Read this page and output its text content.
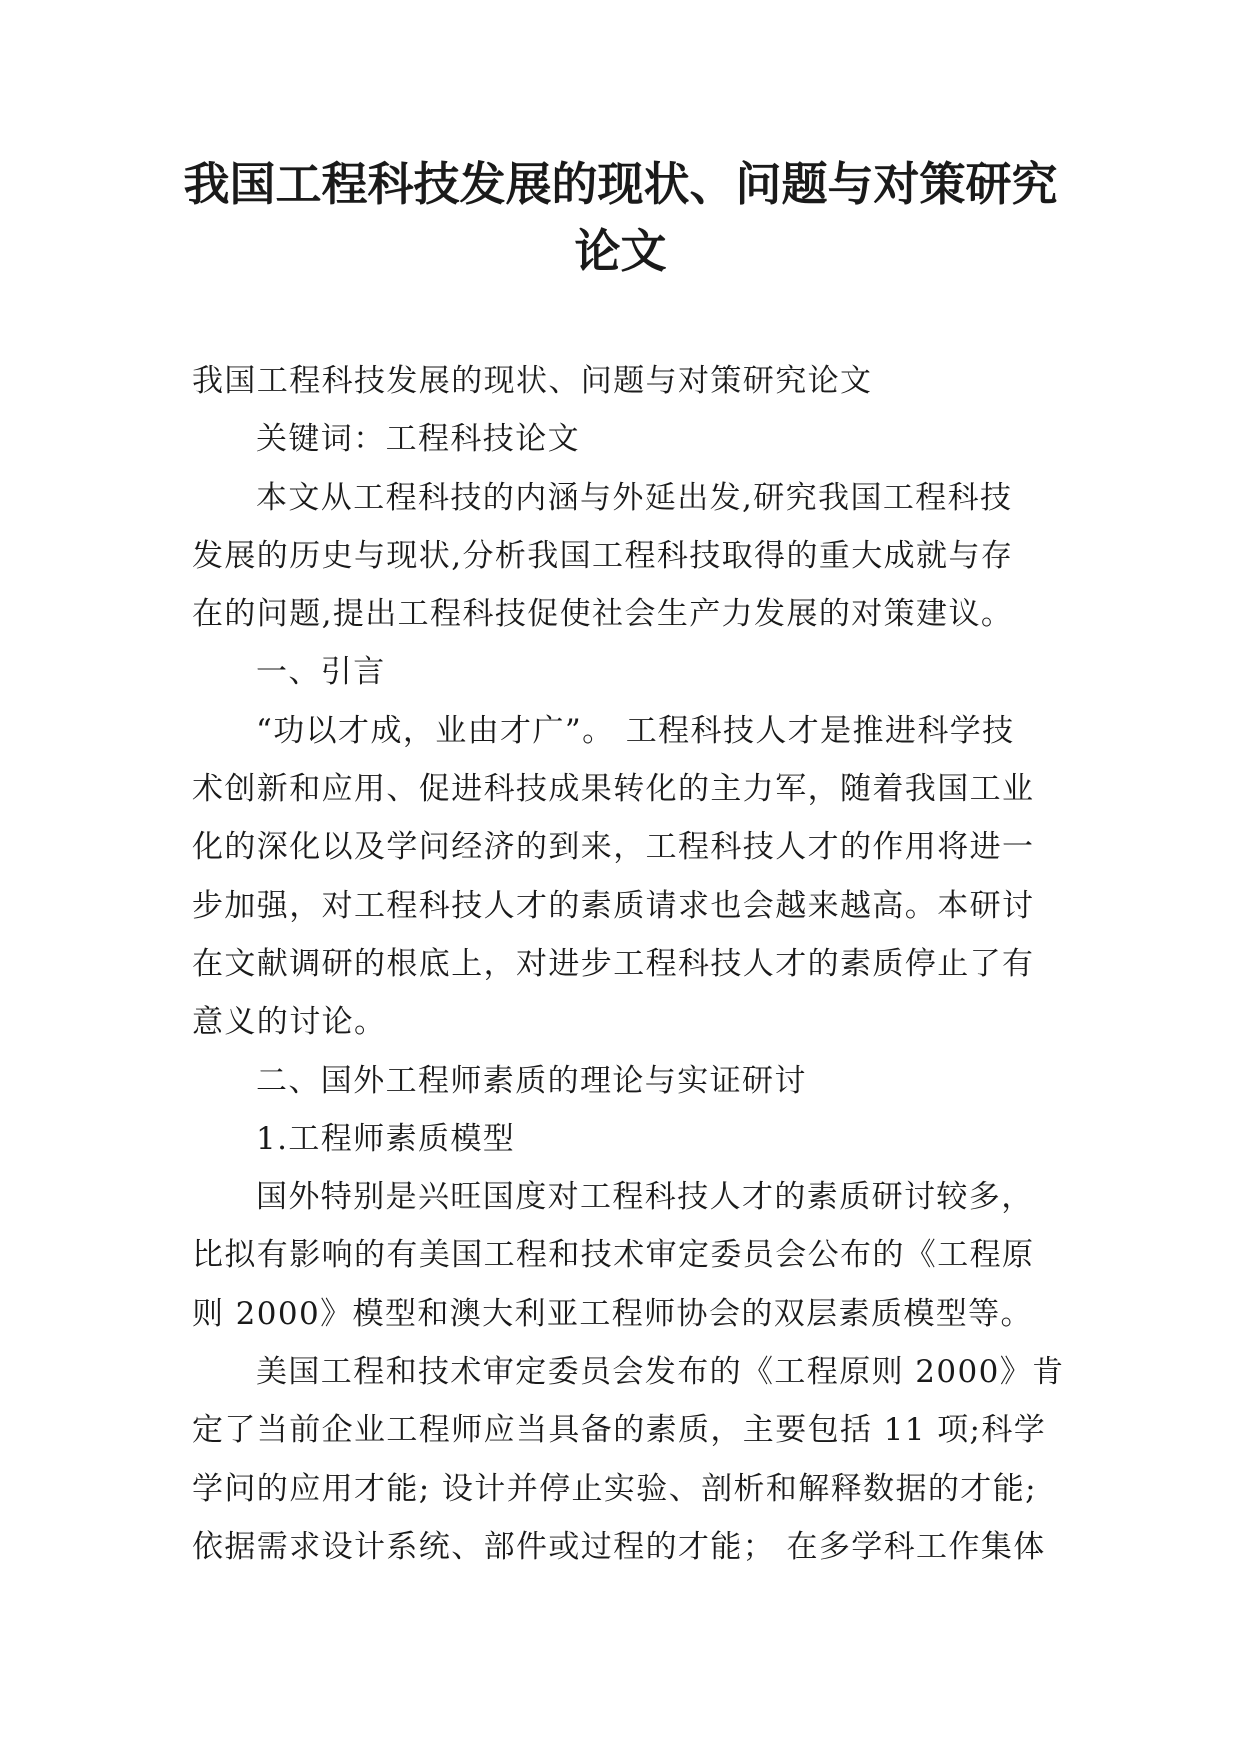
我国工程科技发展的现状、问题与对策研究
论文
我国工程科技发展的现状、问题与对策研究论文
关键词：工程科技论文
本文从工程科技的内涵与外延出发,研究我国工程科技
发展的历史与现状,分析我国工程科技取得的重大成就与存
在的问题,提出工程科技促使社会生产力发展的对策建议。
一、引言
“功以才成，业由才广”。 工程科技人才是推进科学技
术创新和应用、促进科技成果转化的主力军，随着我国工业
化的深化以及学问经济的到来，工程科技人才的作用将进一
步加强，对工程科技人才的素质请求也会越来越高。本研讨
在文献调研的根底上，对进步工程科技人才的素质停止了有
意义的讨论。
二、国外工程师素质的理论与实证研讨
1.工程师素质模型
国外特别是兴旺国度对工程科技人才的素质研讨较多，
比拟有影响的有美国工程和技术审定委员会公布的《工程原
则 2000》模型和澳大利亚工程师协会的双层素质模型等。
美国工程和技术审定委员会发布的《工程原则 2000》肯
定了当前企业工程师应当具备的素质，主要包括 11 项;科学
学问的应用才能; 设计并停止实验、剖析和解释数据的才能;
依据需求设计系统、部件或过程的才能； 在多学科工作集体
